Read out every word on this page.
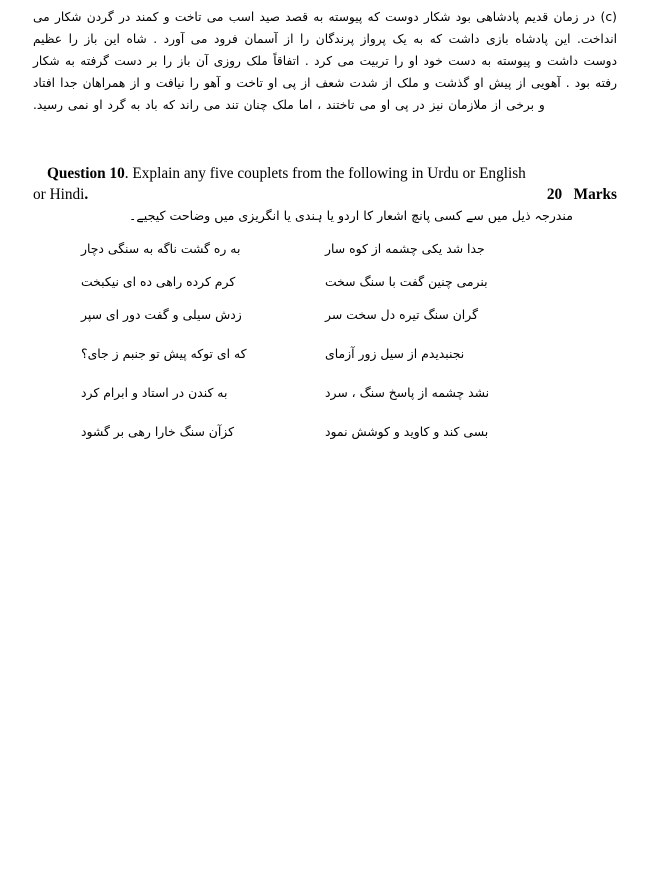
(c) در زمان قدیم پادشاهی بود شکار دوست که پیوسته به قصد صید اسب می تاخت و کمند در گردن شکار می انداخت. این پادشاه بازی داشت که به یک پرواز پرندگان را از آسمان فرود می آورد . شاه این باز را عظیم دوست داشت و پیوسته به دست خود او را تربیت می کرد . اتفاقاً ملک روزی آن باز را بر دست گرفته به شکار رفته بود . آهویی از پیش او گذشت و ملک از شدت شعف از پی او تاخت و آهو را نیافت و از همراهان جدا افتاد و برخی از ملازمان نیز در پی او می تاختند ، اما ملک چنان تند می راند که باد به گرد او نمی رسید.
Question 10. Explain any five couplets from the following in Urdu or English
or Hindi.	20   Marks
مندرجہ ذیل میں سے کسی پانچ اشعار کا اردو یا ہندی یا انگریزی میں وضاحت کیجیے۔
جدا شد یکی چشمه از کوه سار
به ره گشت ناگه به سنگی دچار
بنرمی چنین گفت با سنگ سخت
کرم کرده راهی ده ای نیکبخت
گران سنگ تیره دل سخت سر
زدش سیلی و گفت دور ای سپر
نجنبدیدم از سیل زور آزمای
که ای توکه پیش تو جنبم ز جای؟
نشد چشمه از پاسخ سنگ ، سرد
به کندن در استاد و ابرام کرد
بسی کند و کاوید و کوشش نمود
کزآن سنگ خارا رهی بر گشود
